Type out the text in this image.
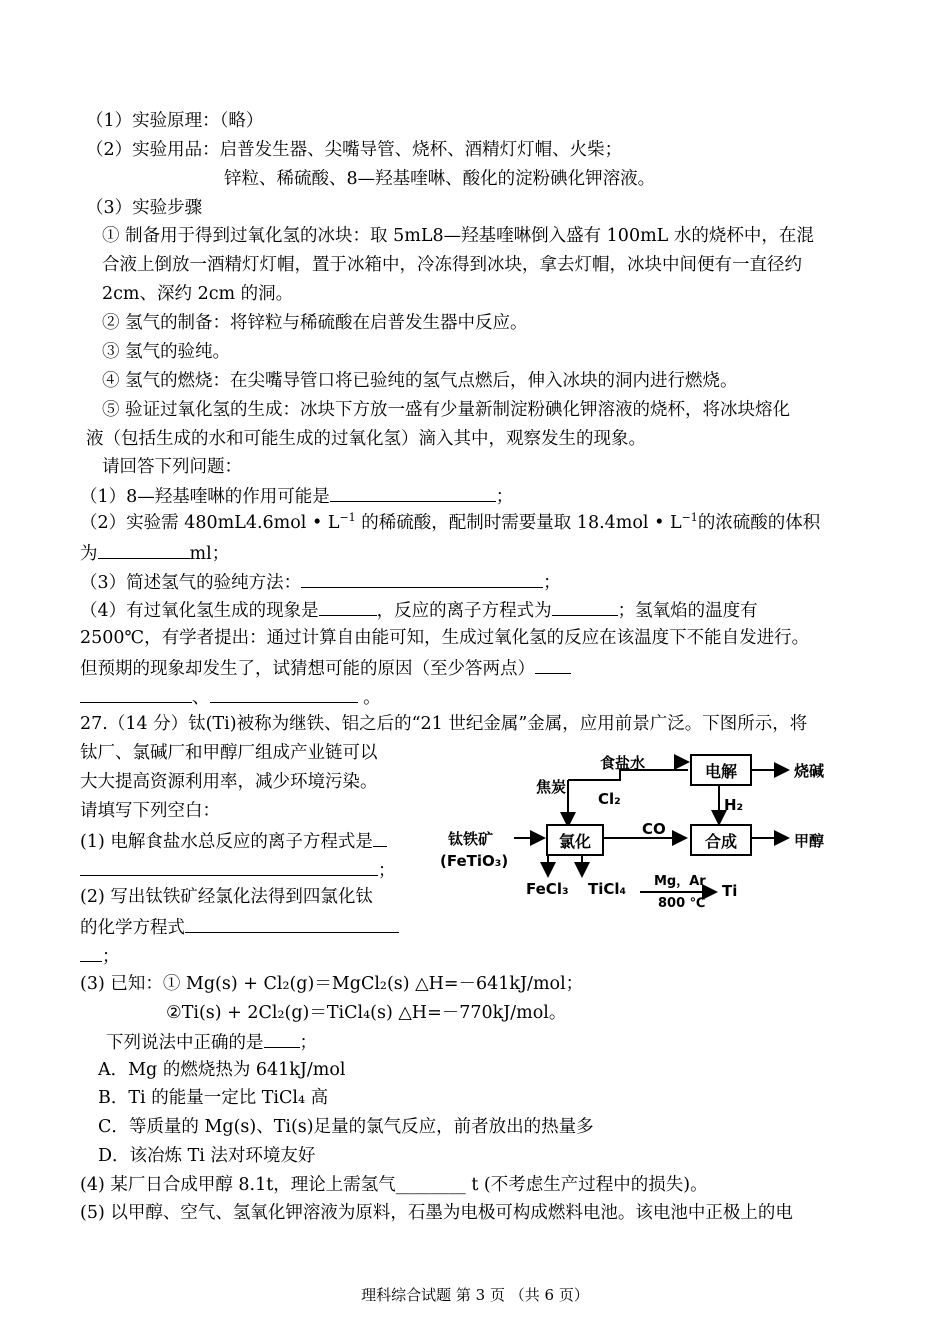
（1）实验原理：（略）
（2）实验用品：启普发生器、尖嘴导管、烧杯、酒精灯灯帽、火柴；
锌粒、稀硫酸、8—羟基喹啉、酸化的淀粉碘化钾溶液。
（3）实验步骤
① 制备用于得到过氧化氢的冰块：取 5mL8—羟基喹啉倒入盛有 100mL 水的烧杯中，在混
合液上倒放一酒精灯灯帽，置于冰箱中，冷冻得到冰块，拿去灯帽，冰块中间便有一直径约
2cm、深约 2cm 的洞。
② 氢气的制备：将锌粒与稀硫酸在启普发生器中反应。
③ 氢气的验纯。
④ 氢气的燃烧：在尖嘴导管口将已验纯的氢气点燃后，伸入冰块的洞内进行燃烧。
⑤ 验证过氧化氢的生成：冰块下方放一盛有少量新制淀粉碘化钾溶液的烧杯，将冰块熔化
液（包括生成的水和可能生成的过氧化氢）滴入其中，观察发生的现象。
请回答下列问题：
（1）8—羟基喹啉的作用可能是	；
（2）实验需 480mL4.6mol • $L^{-1}$ 的稀硫酸，配制时需要量取 18.4mol • $L^{-1}$的浓硫酸的体积
为	ml；
（3）简述氢气的验纯方法：	；
（4）有过氧化氢生成的现象是	，反应的离子方程式为	；氢氧焰的温度有
2500℃，有学者提出：通过计算自由能可知，生成过氧化氢的反应在该温度下不能自发进行。
但预期的现象却发生了，试猜想可能的原因（至少答两点）
、	。
27.（14 分）钛(Ti)被称为继铁、铝之后的“21 世纪金属”金属，应用前景广泛。下图所示，将
钛厂、氯碱厂和甲醇厂组成产业链可以
大大提高资源利用率，减少环境污染。
请填写下列空白：
(1) 电解食盐水总反应的离子方程式是
；
(2) 写出钛铁矿经氯化法得到四氯化钛
的化学方程式
；
(3) 已知：① Mg(s) + Cl₂(g)＝MgCl₂(s) △H=－641kJ/mol；
②Ti(s) + 2Cl₂(g)＝TiCl₄(s) △H=－770kJ/mol。
下列说法中正确的是 ；
A．Mg 的燃烧热为 641kJ/mol
B．Ti 的能量一定比 TiCl₄ 高
C．等质量的 Mg(s)、Ti(s)足量的氯气反应，前者放出的热量多
D．该冶炼 Ti 法对环境友好
(4) 某厂日合成甲醇 8.1t，理论上需氢气________ t (不考虑生产过程中的损失)。
(5) 以甲醇、空气、氢氧化钾溶液为原料，石墨为电极可构成燃料电池。该电池中正极上的电
理科综合试题 第 3 页 （共 6 页）
电解
氯化	合成
食盐水	烧碱
焦炭
Cl₂	H₂
钛铁矿
(FeTiO₃)
CO
甲醇
FeCl₃ TiCl₄ Mg，Ar
800 ℃
Ti
